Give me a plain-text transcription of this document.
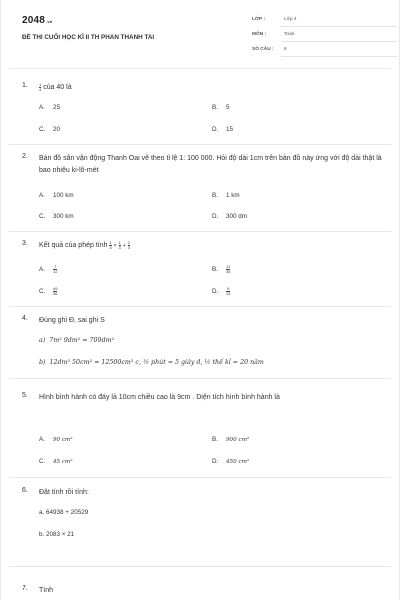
2048.vn
ĐỀ THI CUỐI HỌC KÌ II TH PHAN THANH TAI
LỚP :	Lớp 4
MÔN :	Toán
SỐ CÂU : 8
1.	$\frac{1}{4}$ của 40 là
A. 25	B. 5
C. 20	D. 15
2. Bản đồ sân vận động Thanh Oai vẽ theo tỉ lệ 1: 100 000. Hỏi độ dài 1cm trên bản đồ này ứng với độ dài thật là bao nhiêu ki-lô-mét
A. 100 km	B. 1 km
C. 300 km	D. 300 dm
3. Kết quả của phép tính $\frac{1}{4} \times \frac{1}{3} + \frac{2}{3}$
A. $\frac{7}{12}$	B. $\frac{11}{36}$
C. $\frac{49}{36}$	D. $\frac{9}{12}$
4. Đúng ghi Đ, sai ghi S
a) 7m² 9dm² = 709dm²
b) 12dm² 50cm² = 12500cm² c, ½ phút = 5 giây d, ½ thế kỉ = 20 năm
5. Hình bình hành có đáy là 10cm chiều cao là 9cm . Diện tích hình bình hành là
A. 90 cm²	B. 900 cm²
C. 45 cm²	D. 450 cm²
6. Đặt tính rồi tính:
a. 64938 + 20529
b. 2083 × 21
7. Tính
